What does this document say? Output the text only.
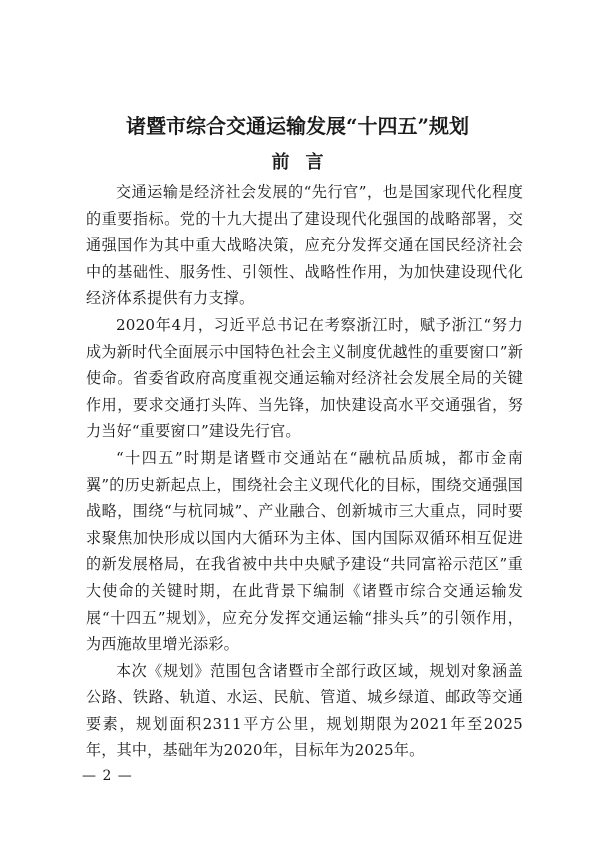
诸暨市综合交通运输发展“十四五”规划
前言

交通运输是经济社会发展的“先行官”，也是国家现代化程度的重要指标。党的十九大提出了建设现代化强国的战略部署，交通强国作为其中重大战略决策，应充分发挥交通在国民经济社会中的基础性、服务性、引领性、战略性作用，为加快建设现代化经济体系提供有力支撑。

2020年4月，习近平总书记在考察浙江时，赋予浙江“努力成为新时代全面展示中国特色社会主义制度优越性的重要窗口”新使命。省委省政府高度重视交通运输对经济社会发展全局的关键作用，要求交通打头阵、当先锋，加快建设高水平交通强省，努力当好“重要窗口”建设先行官。

“十四五”时期是诸暨市交通站在“融杭品质城，都市金南翼”的历史新起点上，围绕社会主义现代化的目标，围绕交通强国战略，围绕“与杭同城”、产业融合、创新城市三大重点，同时要求聚焦加快形成以国内大循环为主体、国内国际双循环相互促进的新发展格局，在我省被中共中央赋予建设“共同富裕示范区”重大使命的关键时期，在此背景下编制《诸暨市综合交通运输发展“十四五”规划》，应充分发挥交通运输“排头兵”的引领作用，为西施故里增光添彩。

本次《规划》范围包含诸暨市全部行政区域，规划对象涵盖公路、铁路、轨道、水运、民航、管道、城乡绿道、邮政等交通要素，规划面积2311平方公里，规划期限为2021年至2025年，其中，基础年为2020年，目标年为2025年。

— 2 —
